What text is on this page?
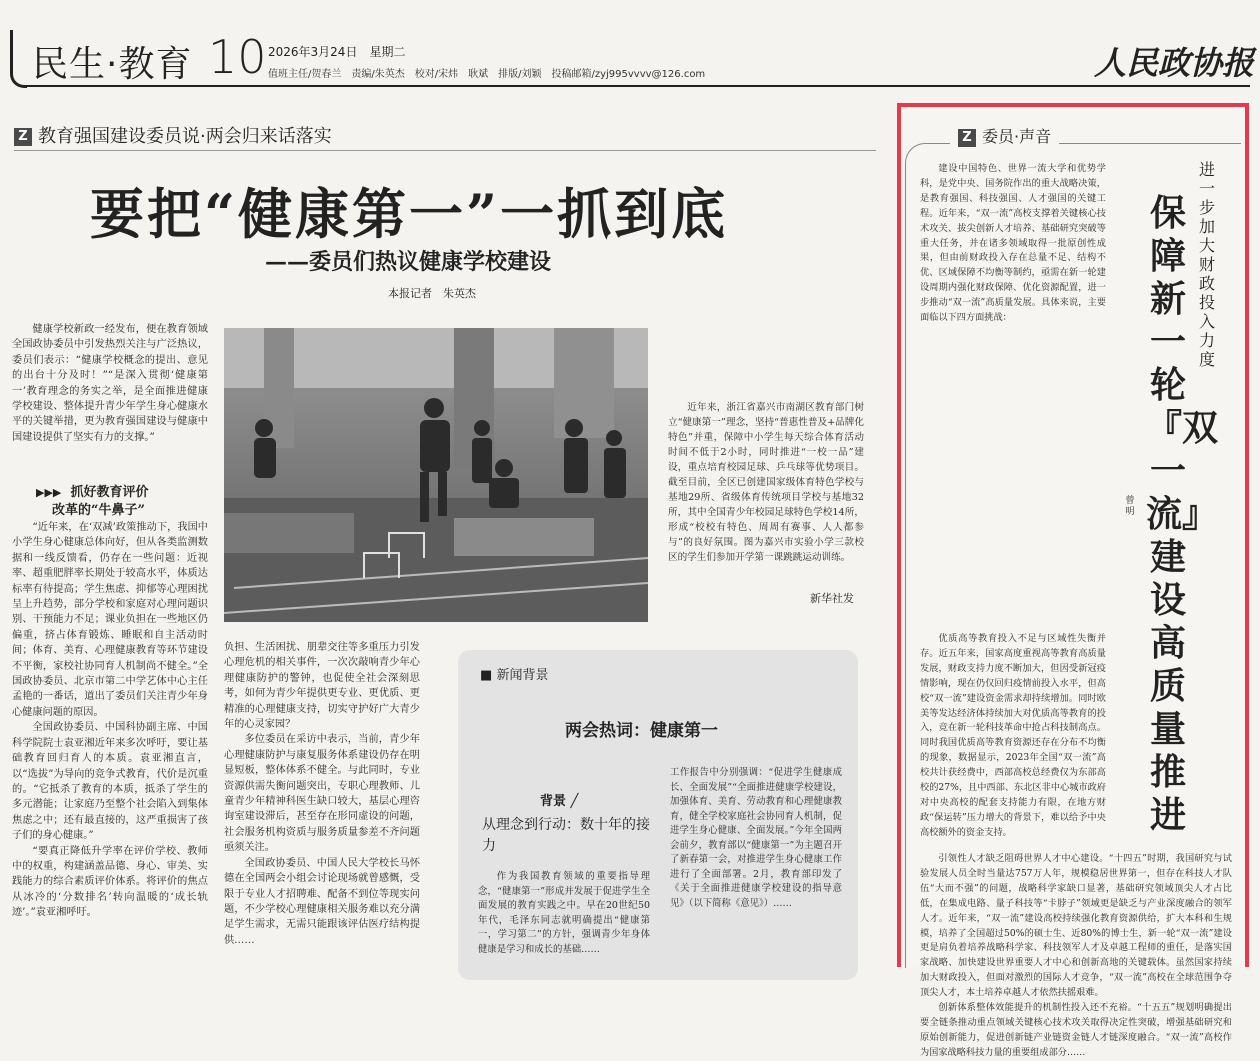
民生·教育 10 2026年3月24日　星期二
值班主任/贺春兰　责编/朱英杰　校对/宋炜　耿斌　排版/刘颖　投稿邮箱/zyj995vvvv@126.com	人民政协报
Z 教育强国建设委员说·两会归来话落实
要把“健康第一”一抓到底
——委员们热议健康学校建设
本报记者　朱英杰

健康学校新政一经发布，便在教育领域全国政协委员中引发热烈关注与广泛热议，委员们表示：“健康学校概念的提出、意见的出台十分及时！”“是深入贯彻‘健康第一’教育理念的务实之举，是全面推进健康学校建设、整体提升青少年学生身心健康水平的关键举措，更为教育强国建设与健康中国建设提供了坚实有力的支撑。”

▶▶▶ 抓好教育评价
改革的“牛鼻子”

“近年来，在‘双减’政策推动下，我国中小学生身心健康总体向好，但从各类监测数据和一线反馈看，仍存在一些问题：近视率、超重肥胖率长期处于较高水平，体质达标率有待提高；学生焦虑、抑郁等心理困扰呈上升趋势，部分学校和家庭对心理问题识别、干预能力不足；课业负担在一些地区仍偏重，挤占体育锻炼、睡眠和自主活动时间；体育、美育、心理健康教育等环节建设不平衡，家校社协同育人机制尚不健全。”全国政协委员、北京市第二中学艺体中心主任孟艳的一番话，道出了委员们关注青少年身心健康问题的原因。

全国政协委员、中国科协副主席、中国科学院院士袁亚湘近年来多次呼吁，要让基础教育回归育人的本质。袁亚湘直言，以“选拔”为导向的竞争式教育，代价是沉重的。“它抵杀了教育的本质，抵杀了学生的多元潜能；让家庭乃至整个社会陷入到集体焦虑之中；还有最直接的，这严重损害了孩子们的身心健康。”

“要真正降低升学率在评价学校、教师中的权重，构建涵盖品德、身心、审美、实践能力的综合素质评价体系。将评价的焦点从冰冷的‘分数排名’转向温暖的‘成长轨迹’。”袁亚湘呼吁。

近年来，浙江省嘉兴市南湖区教育部门树立“健康第一”理念，坚持“普惠性普及+品牌化特色”并重，保障中小学生每天综合体育活动时间不低于2小时，同时推进“一校一品”建设，重点培育校园足球、乒乓球等优势项目。截至目前，全区已创建国家级体育特色学校与基地29所、省级体育传统项目学校与基地32所，其中全国青少年校园足球特色学校14所，形成“校校有特色、周周有赛事、人人都参与”的良好氛围。图为嘉兴市实验小学三款校区的学生们参加开学第一课跳跳运动训练。

新华社发

负担、生活困扰、朋辈交往等多重压力引发心理危机的相关事件，一次次敲响青少年心理健康防护的警钟，也促使全社会深刻思考，如何为青少年提供更专业、更优质、更精准的心理健康支持，切实守护好广大青少年的心灵家园？

多位委员在采访中表示，当前，青少年心理健康防护与康复服务体系建设仍存在明显短板，整体体系不健全。与此同时，专业资源供需失衡问题突出，专职心理教师、儿童青少年精神科医生缺口较大，基层心理咨询室建设滞后，甚至存在形同虚设的问题，社会服务机构资质与服务质量参差不齐问题亟须关注。

全国政协委员、中国人民大学校长马怀德在全国两会小组会讨论现场就曾感慨，受限于专业人才招聘难、配备不到位等现实问题，不少学校心理健康相关服务难以充分满足学生需求，无需只能跟该评估医疗结构提供……

■ 新闻背景
两会热词：健康第一
背景 ╱
从理念到行动：数十年的接力

作为我国教育领域的重要指导理念，“健康第一”形成并发展于促进学生全面发展的教育实践之中。早在20世纪50年代，毛泽东同志就明确提出“健康第一，学习第二”的方针，强调青少年身体健康是学习和成长的基础……

工作报告中分别强调：“促进学生健康成长、全面发展”“全面推进健康学校建设，加强体育、美育、劳动教育和心理健康教育，健全学校家庭社会协同育人机制，促进学生身心健康、全面发展。”今年全国两会前夕，教育部以“健康第一”为主题召开了新春第一会，对推进学生身心健康工作进行了全面部署。2月，教育部印发了《关于全面推进健康学校建设的指导意见》（以下简称《意见》）……

Z 委员·声音

建设中国特色、世界一流大学和优势学科，是党中央、国务院作出的重大战略决策，是教育强国、科技强国、人才强国的关键工程。近年来，“双一流”高校支撑着关键核心技术攻关、拔尖创新人才培养、基础研究突破等重大任务，并在诸多领域取得一批原创性成果，但由前财政投入存在总量不足、结构不优、区域保障不均衡等制约，亟需在新一轮建设周期内强化财政保障、优化资源配置，进一步推动“双一流”高质量发展。具体来说，主要面临以下四方面挑战：

优质高等教育投入不足与区域性失衡并存。近五年来，国家高度重视高等教育高质量发展，财政支持力度不断加大，但因受新冠疫情影响，现在仍仅回归疫情前投入水平，但高校“双一流”建设资金需求却持续增加。同时欧美等发达经济体持续加大对优质高等教育的投入，竞在新一轮科技革命中抢占科技制高点。同时我国优质高等教育资源还存在分布不均衡的现象，数据显示，2023年全国“双一流”高校共计获经费中，西部高校总经费仅为东部高校的27%，且中西部、东北区非中心城市政府对中央高校的配套支持能力有限，在地方财政“保运转”压力增大的背景下，难以给予中央高校额外的资金支持。

引领性人才缺乏阻碍世界人才中心建设。“十四五”时期，我国研究与试验发展人员全时当量达757万人年，规模稳居世界第一，但存在科技人才队伍“大而不强”的问题，战略科学家缺口显著，基础研究领域顶尖人才占比低，在集成电路、量子科技等“卡脖子”领域更是缺乏与产业深度融合的领军人才。近年来，“双一流”建设高校持续强化教育资源供给，扩大本科和生规模，培养了全国超过50%的硕士生、近80%的博士生，新一轮“双一流”建设更是肩负着培养战略科学家、科技领军人才及卓越工程师的重任，是落实国家战略、加快建设世界重要人才中心和创新高地的关键载体。虽然国家持续加大财政投入，但面对激烈的国际人才竞争，“双一流”高校在全球范围争夺顶尖人才，本土培养卓越人才依然扶摇艰难。

创新体系整体效能提升的机制性投入还不充裕。“十五五”规划明确提出要全链条推动重点领域关键核心技术攻关取得决定性突破，增强基础研究和原始创新能力，促进创新链产业链资金链人才链深度融合。“双一流”高校作为国家战略科技力量的重要组成部分……

进一步加大财政投入力度
保障新一轮『双一流』建设高质量推进
曾明
